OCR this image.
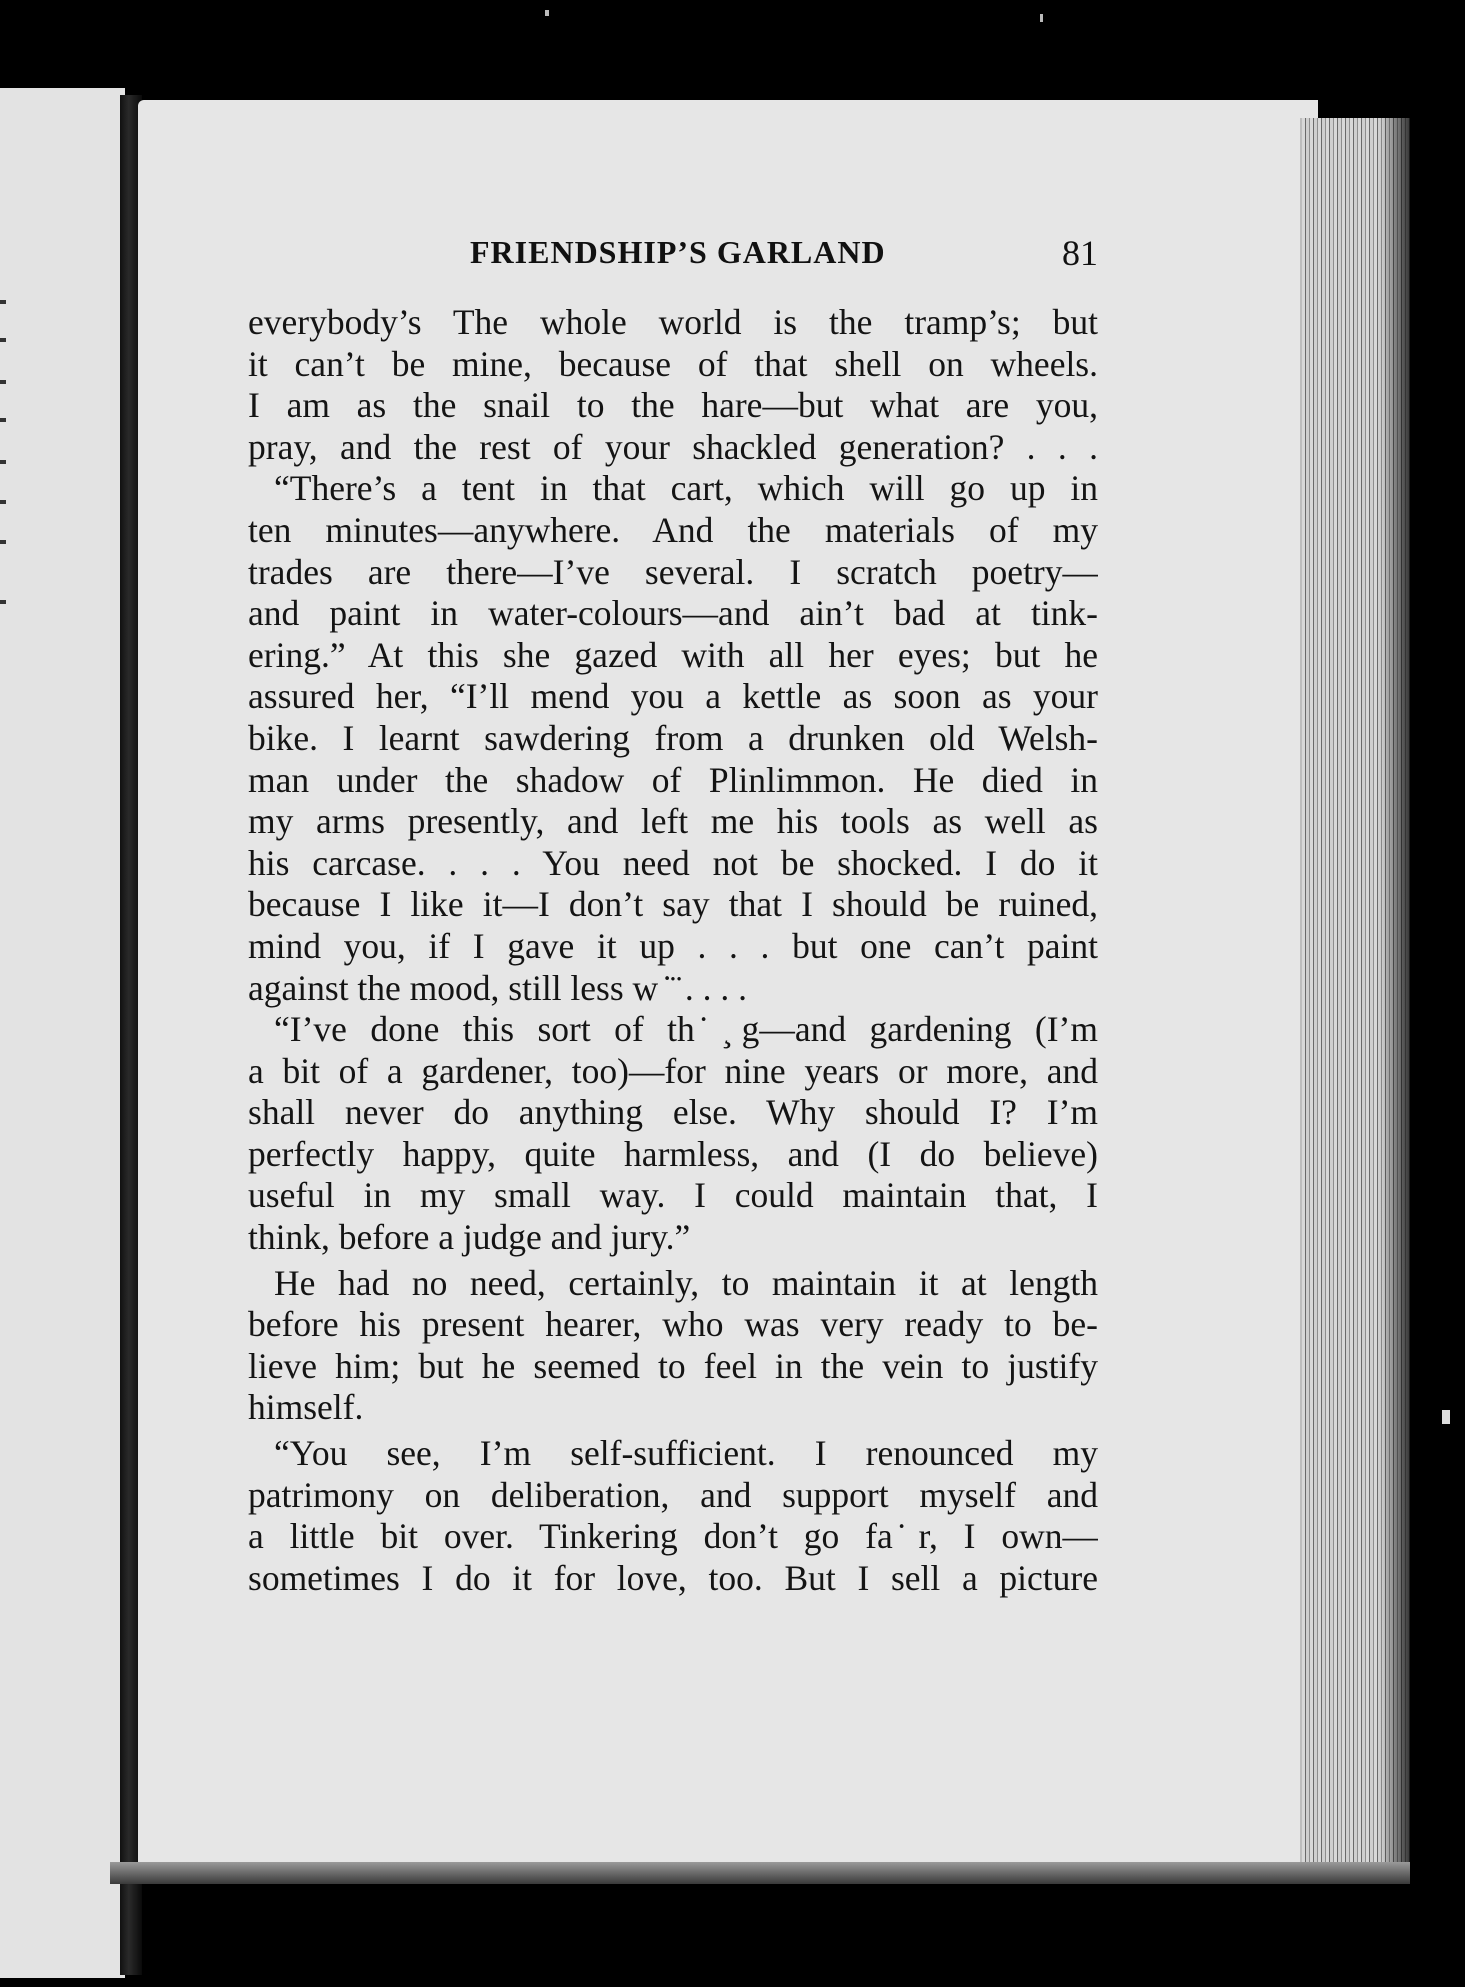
FRIENDSHIP’S GARLAND	81
everybody’s The whole world is the tramp’s; but
it can’t be mine, because of that shell on wheels.
I am as the snail to the hare—but what are you,
pray, and the rest of your shackled generation? . . .
“There’s a tent in that cart, which will go up in
ten minutes—anywhere. And the materials of my
trades are there—I’ve several. I scratch poetry—
and paint in water-colours—and ain’t bad at tink-
ering.” At this she gazed with all her eyes; but he
assured her, “I’ll mend you a kettle as soon as your
bike. I learnt sawdering from a drunken old Welsh-
man under the shadow of Plinlimmon. He died in
my arms presently, and left me his tools as well as
his carcase. . . . You need not be shocked. I do it
because I like it—I don’t say that I should be ruined,
mind you, if I gave it up . . . but one can’t paint
against the mood, still less w ̇ ̈ . . . .
“I’ve done this sort of th ̇ ̧g—and gardening (I’m
a bit of a gardener, too)—for nine years or more, and
shall never do anything else. Why should I? I’m
perfectly happy, quite harmless, and (I do believe)
useful in my small way. I could maintain that, I
think, before a judge and jury.”
He had no need, certainly, to maintain it at length
before his present hearer, who was very ready to be-
lieve him; but he seemed to feel in the vein to justify
himself.
“You see, I’m self-sufficient. I renounced my
patrimony on deliberation, and support myself and
a little bit over. Tinkering don’t go fa ̇r, I own—
sometimes I do it for love, too. But I sell a picture
